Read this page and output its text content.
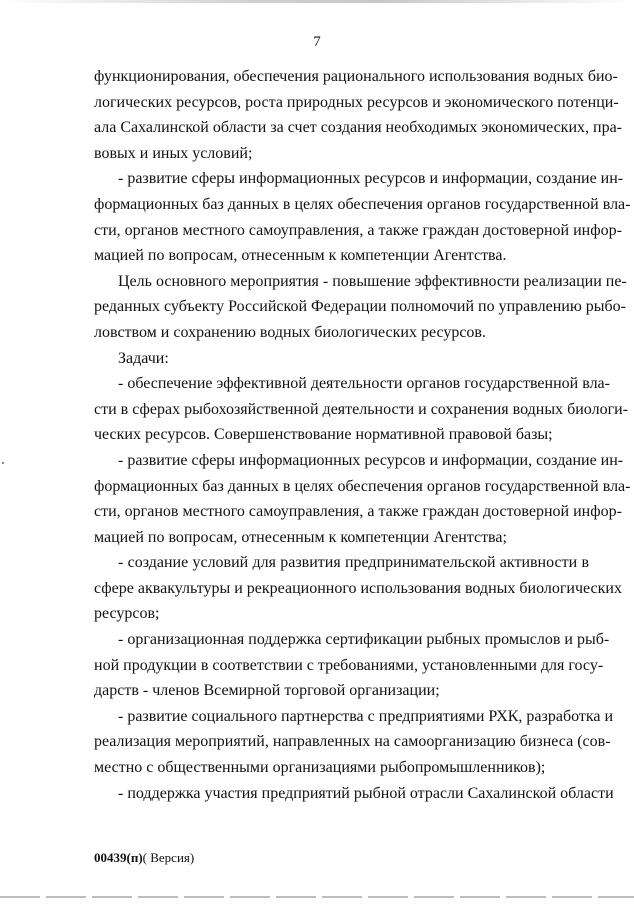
7
функционирования, обеспечения рационального использования водных био-
логических ресурсов, роста природных ресурсов и экономического потенци-
ала Сахалинской области за счет создания необходимых экономических, пра-
вовых и иных условий;
- развитие сферы информационных ресурсов и информации, создание ин-
формационных баз данных в целях обеспечения органов государственной вла-
сти, органов местного самоуправления, а также граждан достоверной инфор-
мацией по вопросам, отнесенным к компетенции Агентства.
Цель основного мероприятия - повышение эффективности реализации пе-
реданных субъекту Российской Федерации полномочий по управлению рыбо-
ловством и сохранению водных биологических ресурсов.
Задачи:
- обеспечение эффективной деятельности органов государственной вла-
сти в сферах рыбохозяйственной деятельности и сохранения водных биологи-
ческих ресурсов. Совершенствование нормативной правовой базы;
- развитие сферы информационных ресурсов и информации, создание ин-
формационных баз данных в целях обеспечения органов государственной вла-
сти, органов местного самоуправления, а также граждан достоверной инфор-
мацией по вопросам, отнесенным к компетенции Агентства;
- создание условий для развития предпринимательской активности в
сфере аквакультуры и рекреационного использования водных биологических
ресурсов;
- организационная поддержка сертификации рыбных промыслов и рыб-
ной продукции в соответствии с требованиями, установленными для госу-
дарств - членов Всемирной торговой организации;
- развитие социального партнерства с предприятиями РХК, разработка и
реализация мероприятий, направленных на самоорганизацию бизнеса (сов-
местно с общественными организациями рыбопромышленников);
- поддержка участия предприятий рыбной отрасли Сахалинской области
00439(п)( Версия)
